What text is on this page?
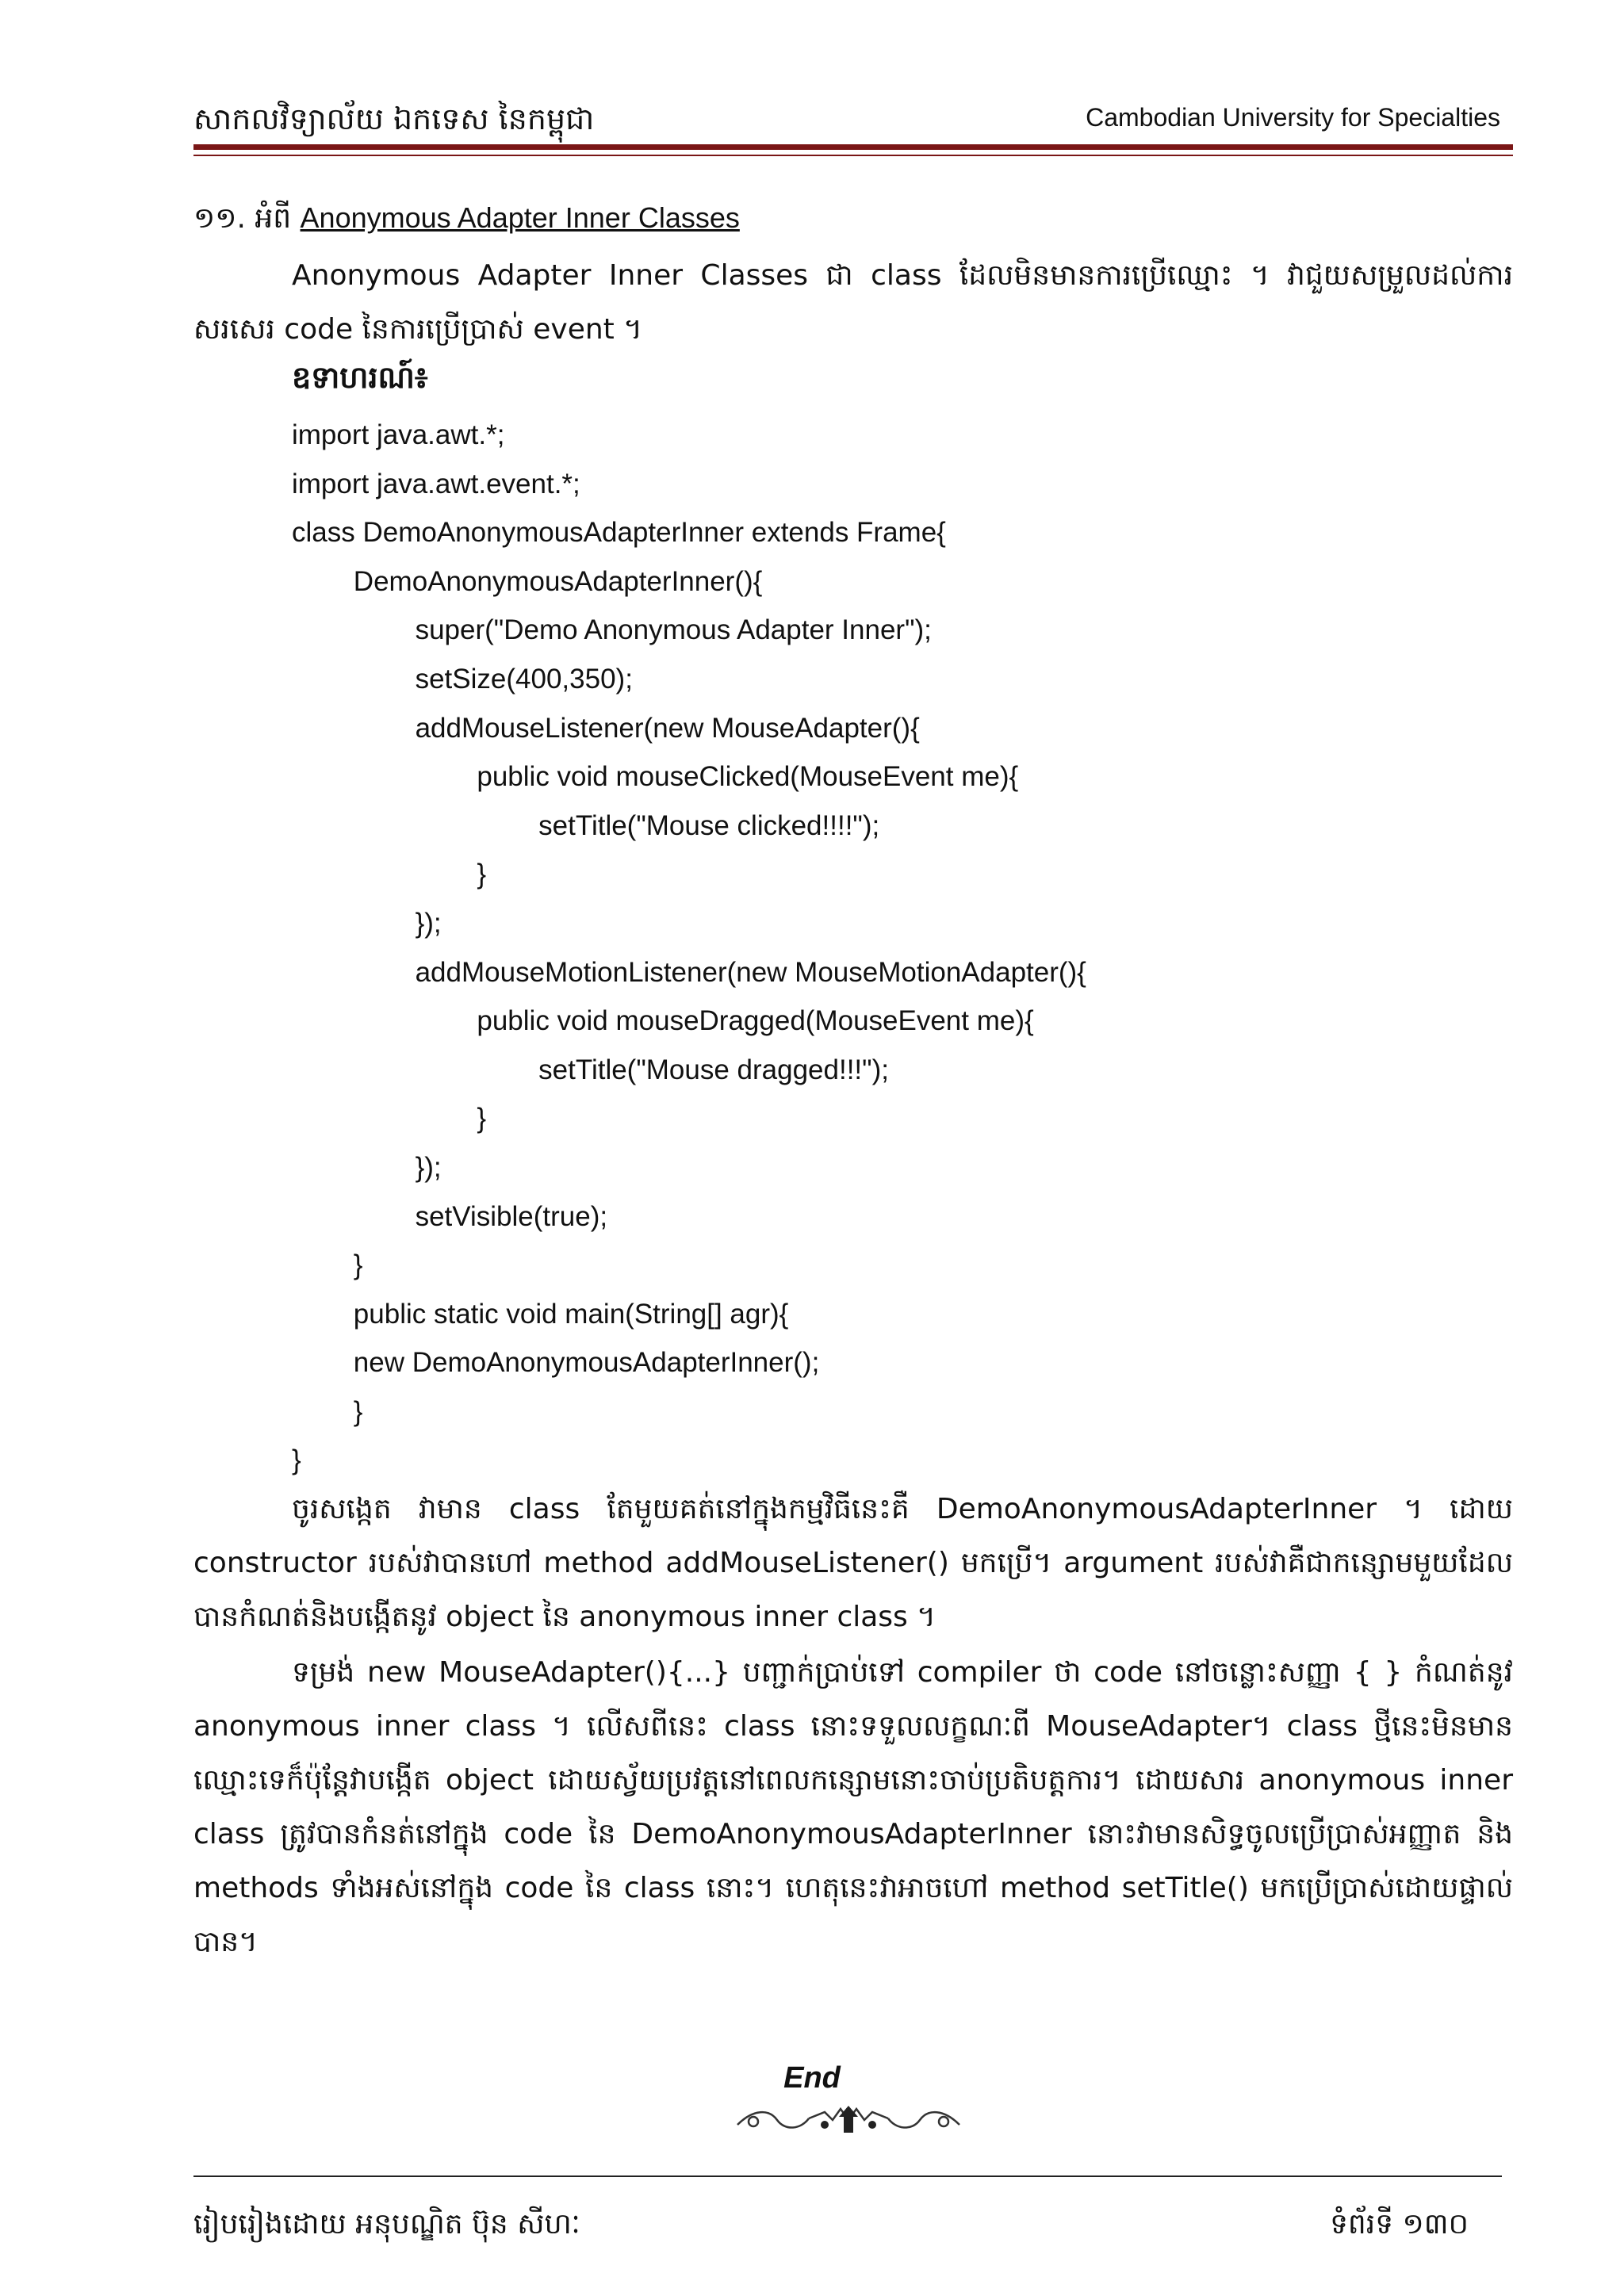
សាកលវិទ្យាល័យ ឯកទេស នៃកម្ពុជា	Cambodian University for Specialties
១១. អំពី Anonymous Adapter Inner Classes
Anonymous Adapter Inner Classes ជា class ដែលមិនមានការប្រើឈ្មោះ ។ វាជួយសម្រួលដល់ការសរសេរ code នៃការប្រើប្រាស់ event ។
ឧទាហរណ៍៖
import java.awt.*;
import java.awt.event.*;
class DemoAnonymousAdapterInner extends Frame{
DemoAnonymousAdapterInner(){
super("Demo Anonymous Adapter Inner");
setSize(400,350);
addMouseListener(new MouseAdapter(){
public void mouseClicked(MouseEvent me){
setTitle("Mouse clicked!!!!");
}
});
addMouseMotionListener(new MouseMotionAdapter(){
public void mouseDragged(MouseEvent me){
setTitle("Mouse dragged!!!");
}
});
setVisible(true);
}
public static void main(String[] agr){
new DemoAnonymousAdapterInner();
}
}
ចូរសង្កេត វាមាន class តែមួយគត់នៅក្នុងកម្មវិធីនេះគឺ DemoAnonymousAdapterInner ។ ដោយ constructor របស់វាបានហៅ method addMouseListener() មកប្រើ។ argument របស់វាគឺជាកន្សោមមួយដែលបានកំណត់និងបង្កើតនូវ object នៃ anonymous inner class ។
ទម្រង់ new MouseAdapter(){...} បញ្ជាក់ប្រាប់ទៅ compiler ថា code នៅចន្លោះសញ្ញា { } កំណត់នូវ anonymous inner class ។ លើសពីនេះ class នោះទទួលលក្ខណៈពី MouseAdapter។ class ថ្មីនេះមិនមានឈ្មោះទេក៏ប៉ុន្តែវាបង្កើត object ដោយស្វ័យប្រវត្តនៅពេលកន្សោមនោះចាប់ប្រតិបត្តការ។ ដោយសារ anonymous inner class ត្រូវបានកំនត់នៅក្នុង code នៃ DemoAnonymousAdapterInner នោះវាមានសិទ្ធចូលប្រើប្រាស់អញ្ញាត និង methods ទាំងអស់នៅក្នុង code នៃ class នោះ។ ហេតុនេះវាអាចហៅ method setTitle() មកប្រើប្រាស់ដោយផ្ទាល់បាន។
End
រៀបរៀងដោយ អនុបណ្ឌិត ប៊ុន សីហៈ	ទំព័រទី ១៣០
